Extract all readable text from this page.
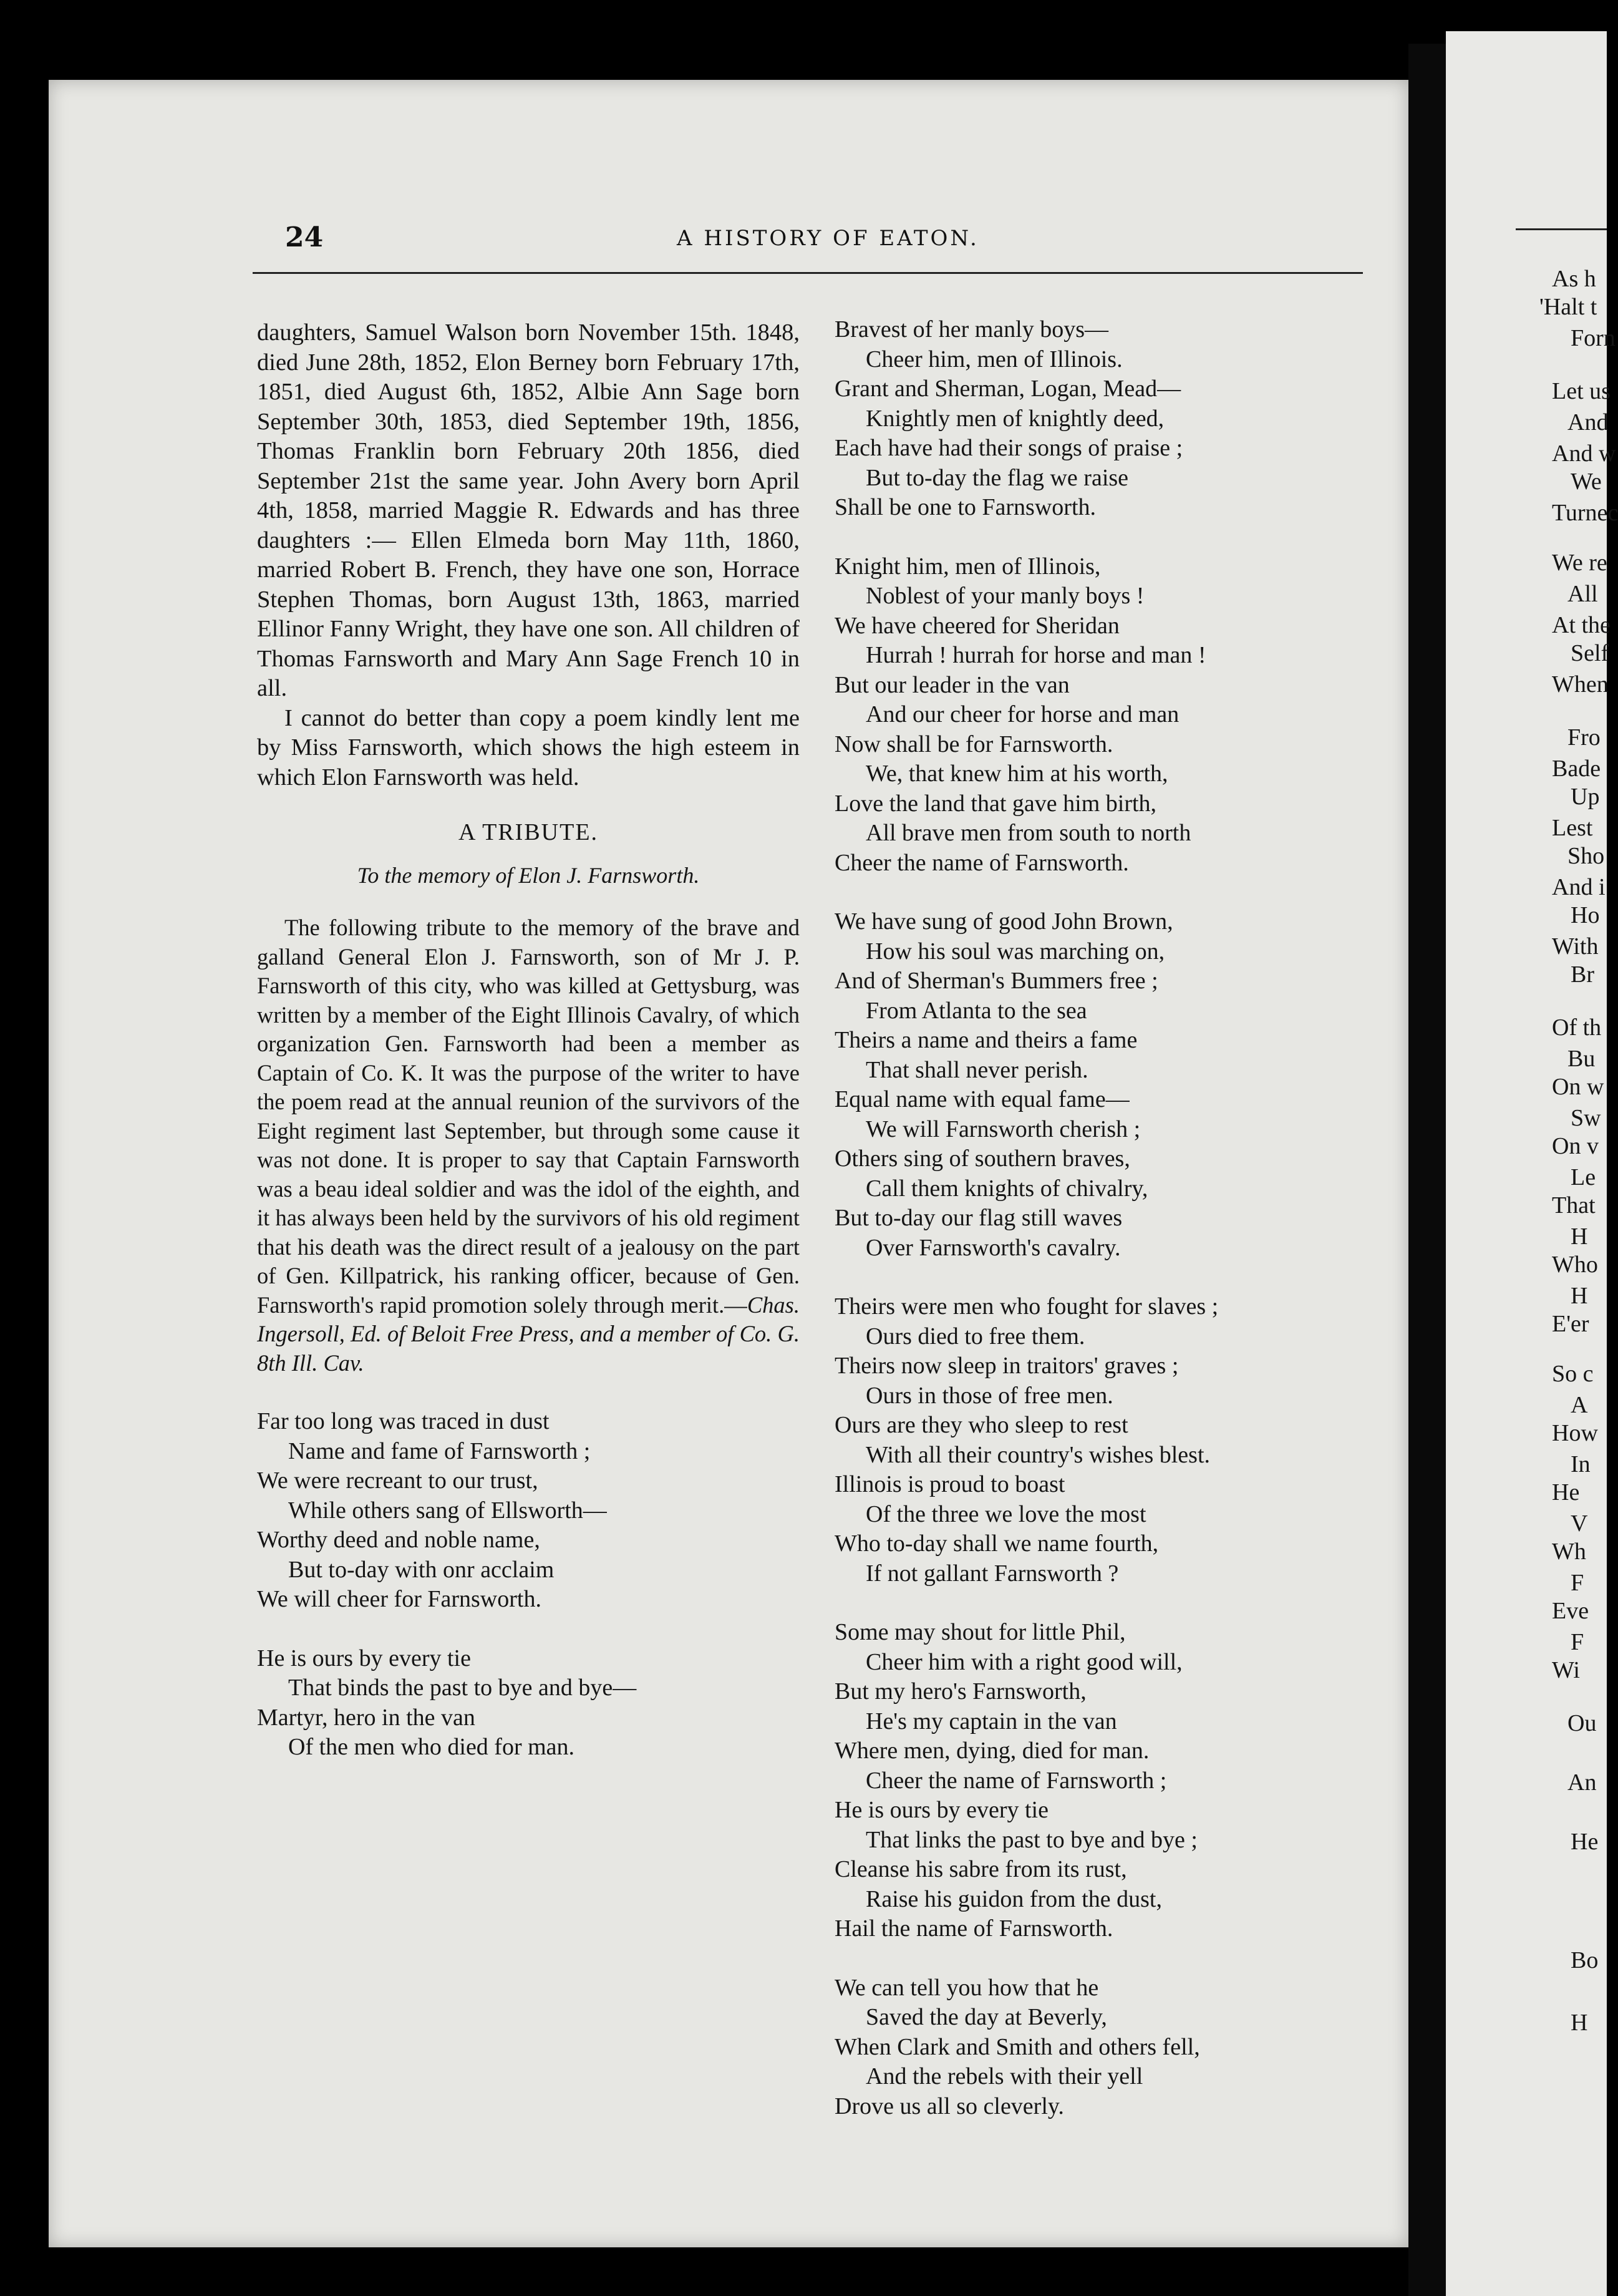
24	A HISTORY OF EATON.

daughters, Samuel Walson born November 15th. 1848, died June 28th, 1852, Elon Berney born February 17th, 1851, died August 6th, 1852, Albie Ann Sage born September 30th, 1853, died September 19th, 1856, Thomas Franklin born February 20th 1856, died September 21st the same year. John Avery born April 4th, 1858, married Maggie R. Edwards and has three daughters :— Ellen Elmeda born May 11th, 1860, married Robert B. French, they have one son, Horrace Stephen Thomas, born August 13th, 1863, married Ellinor Fanny Wright, they have one son. All children of Thomas Farnsworth and Mary Ann Sage French 10 in all.

I cannot do better than copy a poem kindly lent me by Miss Farnsworth, which shows the high esteem in which Elon Farnsworth was held.

A TRIBUTE.

To the memory of Elon J. Farnsworth.

The following tribute to the memory of the brave and galland General Elon J. Farnsworth, son of Mr J. P. Farnsworth of this city, who was killed at Gettysburg, was written by a member of the Eight Illinois Cavalry, of which organization Gen. Farnsworth had been a member as Captain of Co. K. It was the purpose of the writer to have the poem read at the annual reunion of the survivors of the Eight regiment last September, but through some cause it was not done. It is proper to say that Captain Farnsworth was a beau ideal soldier and was the idol of the eighth, and it has always been held by the survivors of his old regiment that his death was the direct result of a jealousy on the part of Gen. Killpatrick, his ranking officer, because of Gen. Farnsworth's rapid promotion solely through merit.—Chas. Ingersoll, Ed. of Beloit Free Press, and a member of Co. G. 8th Ill. Cav.

Far too long was traced in dust
Name and fame of Farnsworth ;
We were recreant to our trust,
While others sang of Ellsworth—
Worthy deed and noble name,
But to-day with onr acclaim
We will cheer for Farnsworth.
He is ours by every tie
That binds the past to bye and bye—
Martyr, hero in the van
Of the men who died for man.
Bravest of her manly boys—
Cheer him, men of Illinois.
Grant and Sherman, Logan, Mead—
Knightly men of knightly deed,
Each have had their songs of praise ;
But to-day the flag we raise
Shall be one to Farnsworth.
Knight him, men of Illinois,
Noblest of your manly boys !
We have cheered for Sheridan
Hurrah ! hurrah for horse and man !
But our leader in the van
And our cheer for horse and man
Now shall be for Farnsworth.
We, that knew him at his worth,
Love the land that gave him birth,
All brave men from south to north
Cheer the name of Farnsworth.
We have sung of good John Brown,
How his soul was marching on,
And of Sherman's Bummers free ;
From Atlanta to the sea
Theirs a name and theirs a fame
That shall never perish.
Equal name with equal fame—
We will Farnsworth cherish ;
Others sing of southern braves,
Call them knights of chivalry,
But to-day our flag still waves
Over Farnsworth's cavalry.
Theirs were men who fought for slaves ;
Ours died to free them.
Theirs now sleep in traitors' graves ;
Ours in those of free men.
Ours are they who sleep to rest
With all their country's wishes blest.
Illinois is proud to boast
Of the three we love the most
Who to-day shall we name fourth,
If not gallant Farnsworth ?
Some may shout for little Phil,
Cheer him with a right good will,
But my hero's Farnsworth,
He's my captain in the van
Where men, dying, died for man.
Cheer the name of Farnsworth ;
He is ours by every tie
That links the past to bye and bye ;
Cleanse his sabre from its rust,
Raise his guidon from the dust,
Hail the name of Farnsworth.
We can tell you how that he
Saved the day at Beverly,
When Clark and Smith and others fell,
And the rebels with their yell
Drove us all so cleverly.
As h
'Halt t
Forn
Let us
And
And w
We
Turnec
We re
All
At the
Self
When
Fro
Bade
Up
Lest
Sho
And i
Ho
With
Br
Of th
Bu
On w
Sw
On v
Le
That
H
Who
H
E'er
So c
A
How
In
He
V
Wh
F
Eve
F
Wi
Ou
An
He
Bo
H
